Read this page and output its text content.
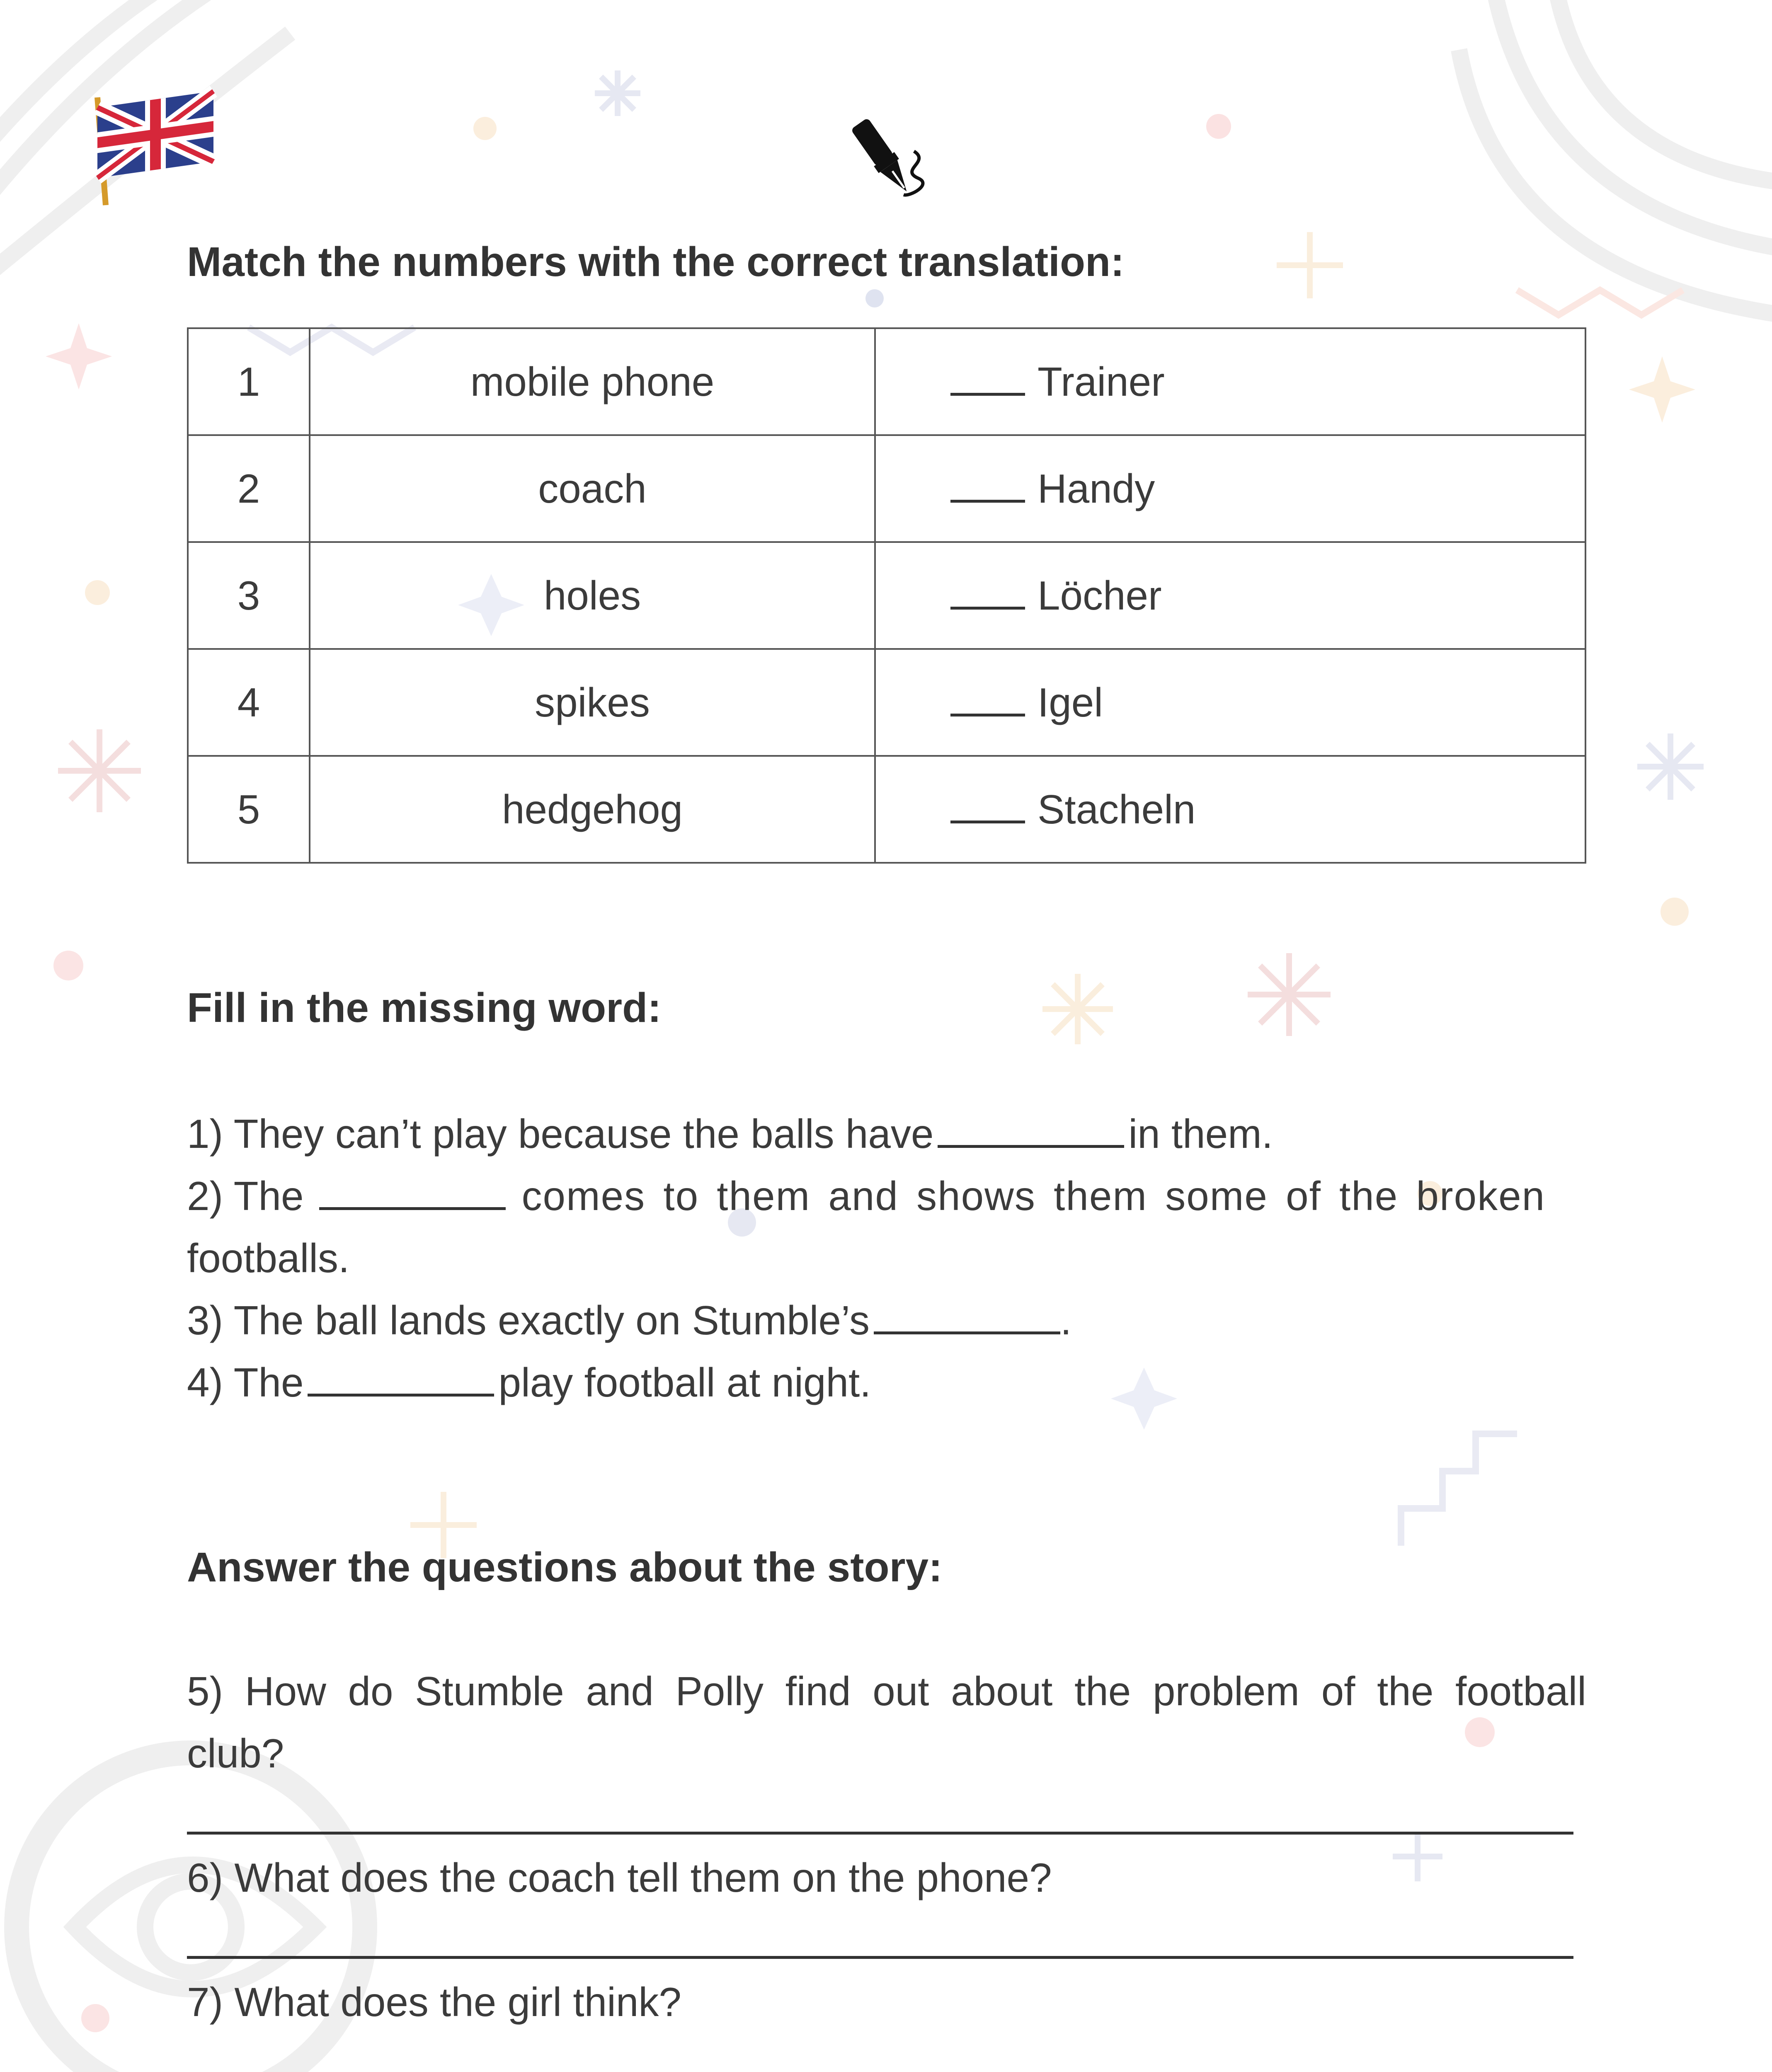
Match the numbers with the correct translation:
1	mobile phone	Trainer
2	coach	Handy
3	holes	Löcher
4	spikes	Igel
5	hedgehog	Stacheln
Fill in the missing word:
1) They can’t play because the balls have	in them.
2) The	comes to them and shows them some of the broken
footballs.
3) The ball lands exactly on Stumble’s	.
4) The	play football at night.
Answer the questions about the story:
5) How do Stumble and Polly find out about the problem of the football
club?
6) What does the coach tell them on the phone?
7) What does the girl think?
